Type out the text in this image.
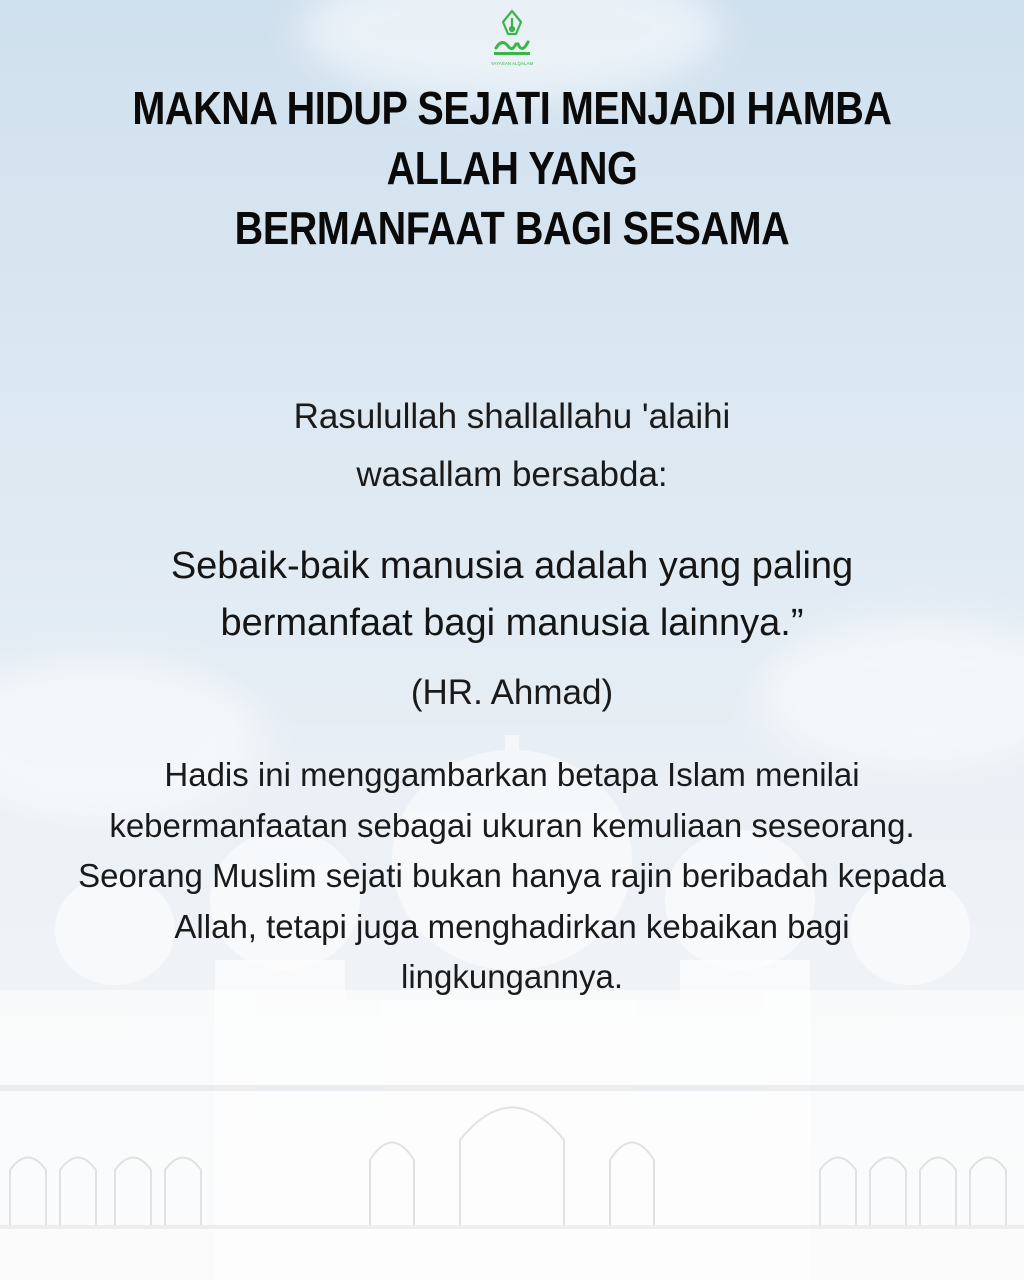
YAYASAN ALQALAM
MAKNA HIDUP SEJATI MENJADI HAMBA ALLAH YANG
BERMANFAAT BAGI SESAMA
Rasulullah shallallahu 'alaihi
wasallam bersabda:
Sebaik-baik manusia adalah yang paling
bermanfaat bagi manusia lainnya.”
(HR. Ahmad)
Hadis ini menggambarkan betapa Islam menilai
kebermanfaatan sebagai ukuran kemuliaan seseorang.
Seorang Muslim sejati bukan hanya rajin beribadah kepada
Allah, tetapi juga menghadirkan kebaikan bagi
lingkungannya.
